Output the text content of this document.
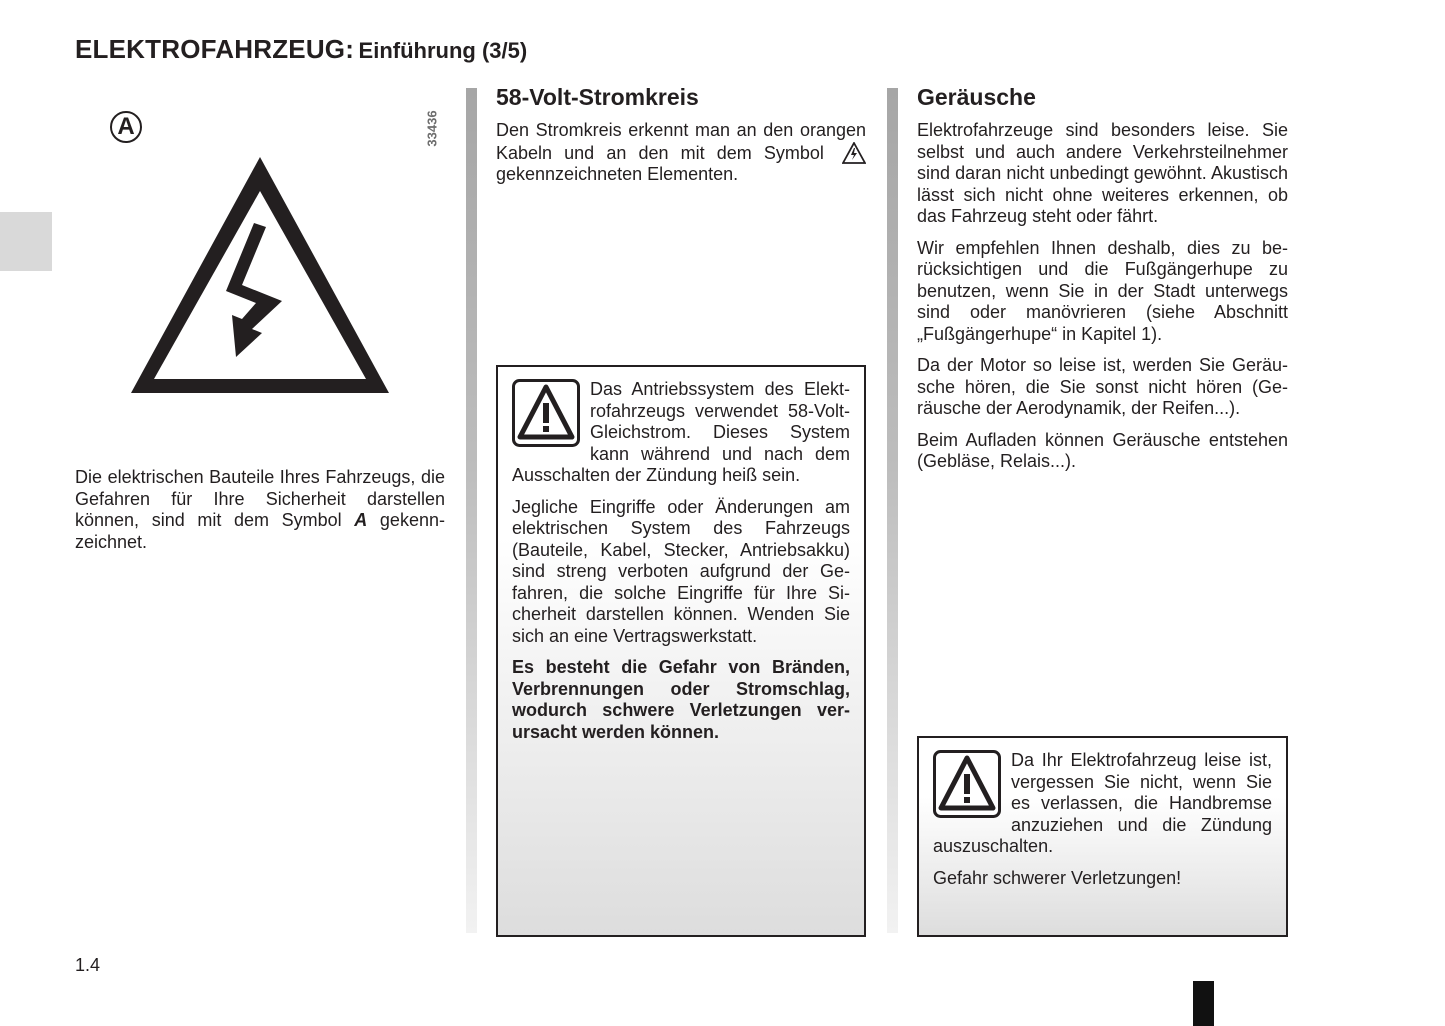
ELEKTROFAHRZEUG: Einführung (3/5)
A	33436
Die elektrischen Bauteile Ihres Fahrzeugs, die Gefahren für Ihre Sicherheit darstellen können, sind mit dem Symbol A gekennzeichnet.
58-Volt-Stromkreis
Den Stromkreis erkennt man an den orangen Kabeln und an den mit dem Symbol  gekennzeichneten Elementen.

Das Antriebssystem des Elektrofahrzeugs verwendet 58-Volt-Gleichstrom. Dieses System kann während und nach dem Ausschalten der Zündung heiß sein.

Jegliche Eingriffe oder Änderungen am elektrischen System des Fahrzeugs (Bauteile, Kabel, Stecker, Antriebsakku) sind streng verboten aufgrund der Gefahren, die solche Eingriffe für Ihre Sicherheit darstellen können. Wenden Sie sich an eine Vertragswerkstatt.

Es besteht die Gefahr von Bränden, Verbrennungen oder Stromschlag, wodurch schwere Verletzungen verursacht werden können.

Geräusche

Elektrofahrzeuge sind besonders leise. Sie selbst und auch andere Verkehrsteilnehmer sind daran nicht unbedingt gewöhnt. Akustisch lässt sich nicht ohne weiteres erkennen, ob das Fahrzeug steht oder fährt.

Wir empfehlen Ihnen deshalb, dies zu berücksichtigen und die Fußgängerhupe zu benutzen, wenn Sie in der Stadt unterwegs sind oder manövrieren (siehe Abschnitt „Fußgängerhupe“ in Kapitel 1).

Da der Motor so leise ist, werden Sie Geräusche hören, die Sie sonst nicht hören (Geräusche der Aerodynamik, der Reifen...).

Beim Aufladen können Geräusche entstehen (Gebläse, Relais...).

Da Ihr Elektrofahrzeug leise ist, vergessen Sie nicht, wenn Sie es verlassen, die Handbremse anzuziehen und die Zündung auszuschalten.

Gefahr schwerer Verletzungen!

1.4
